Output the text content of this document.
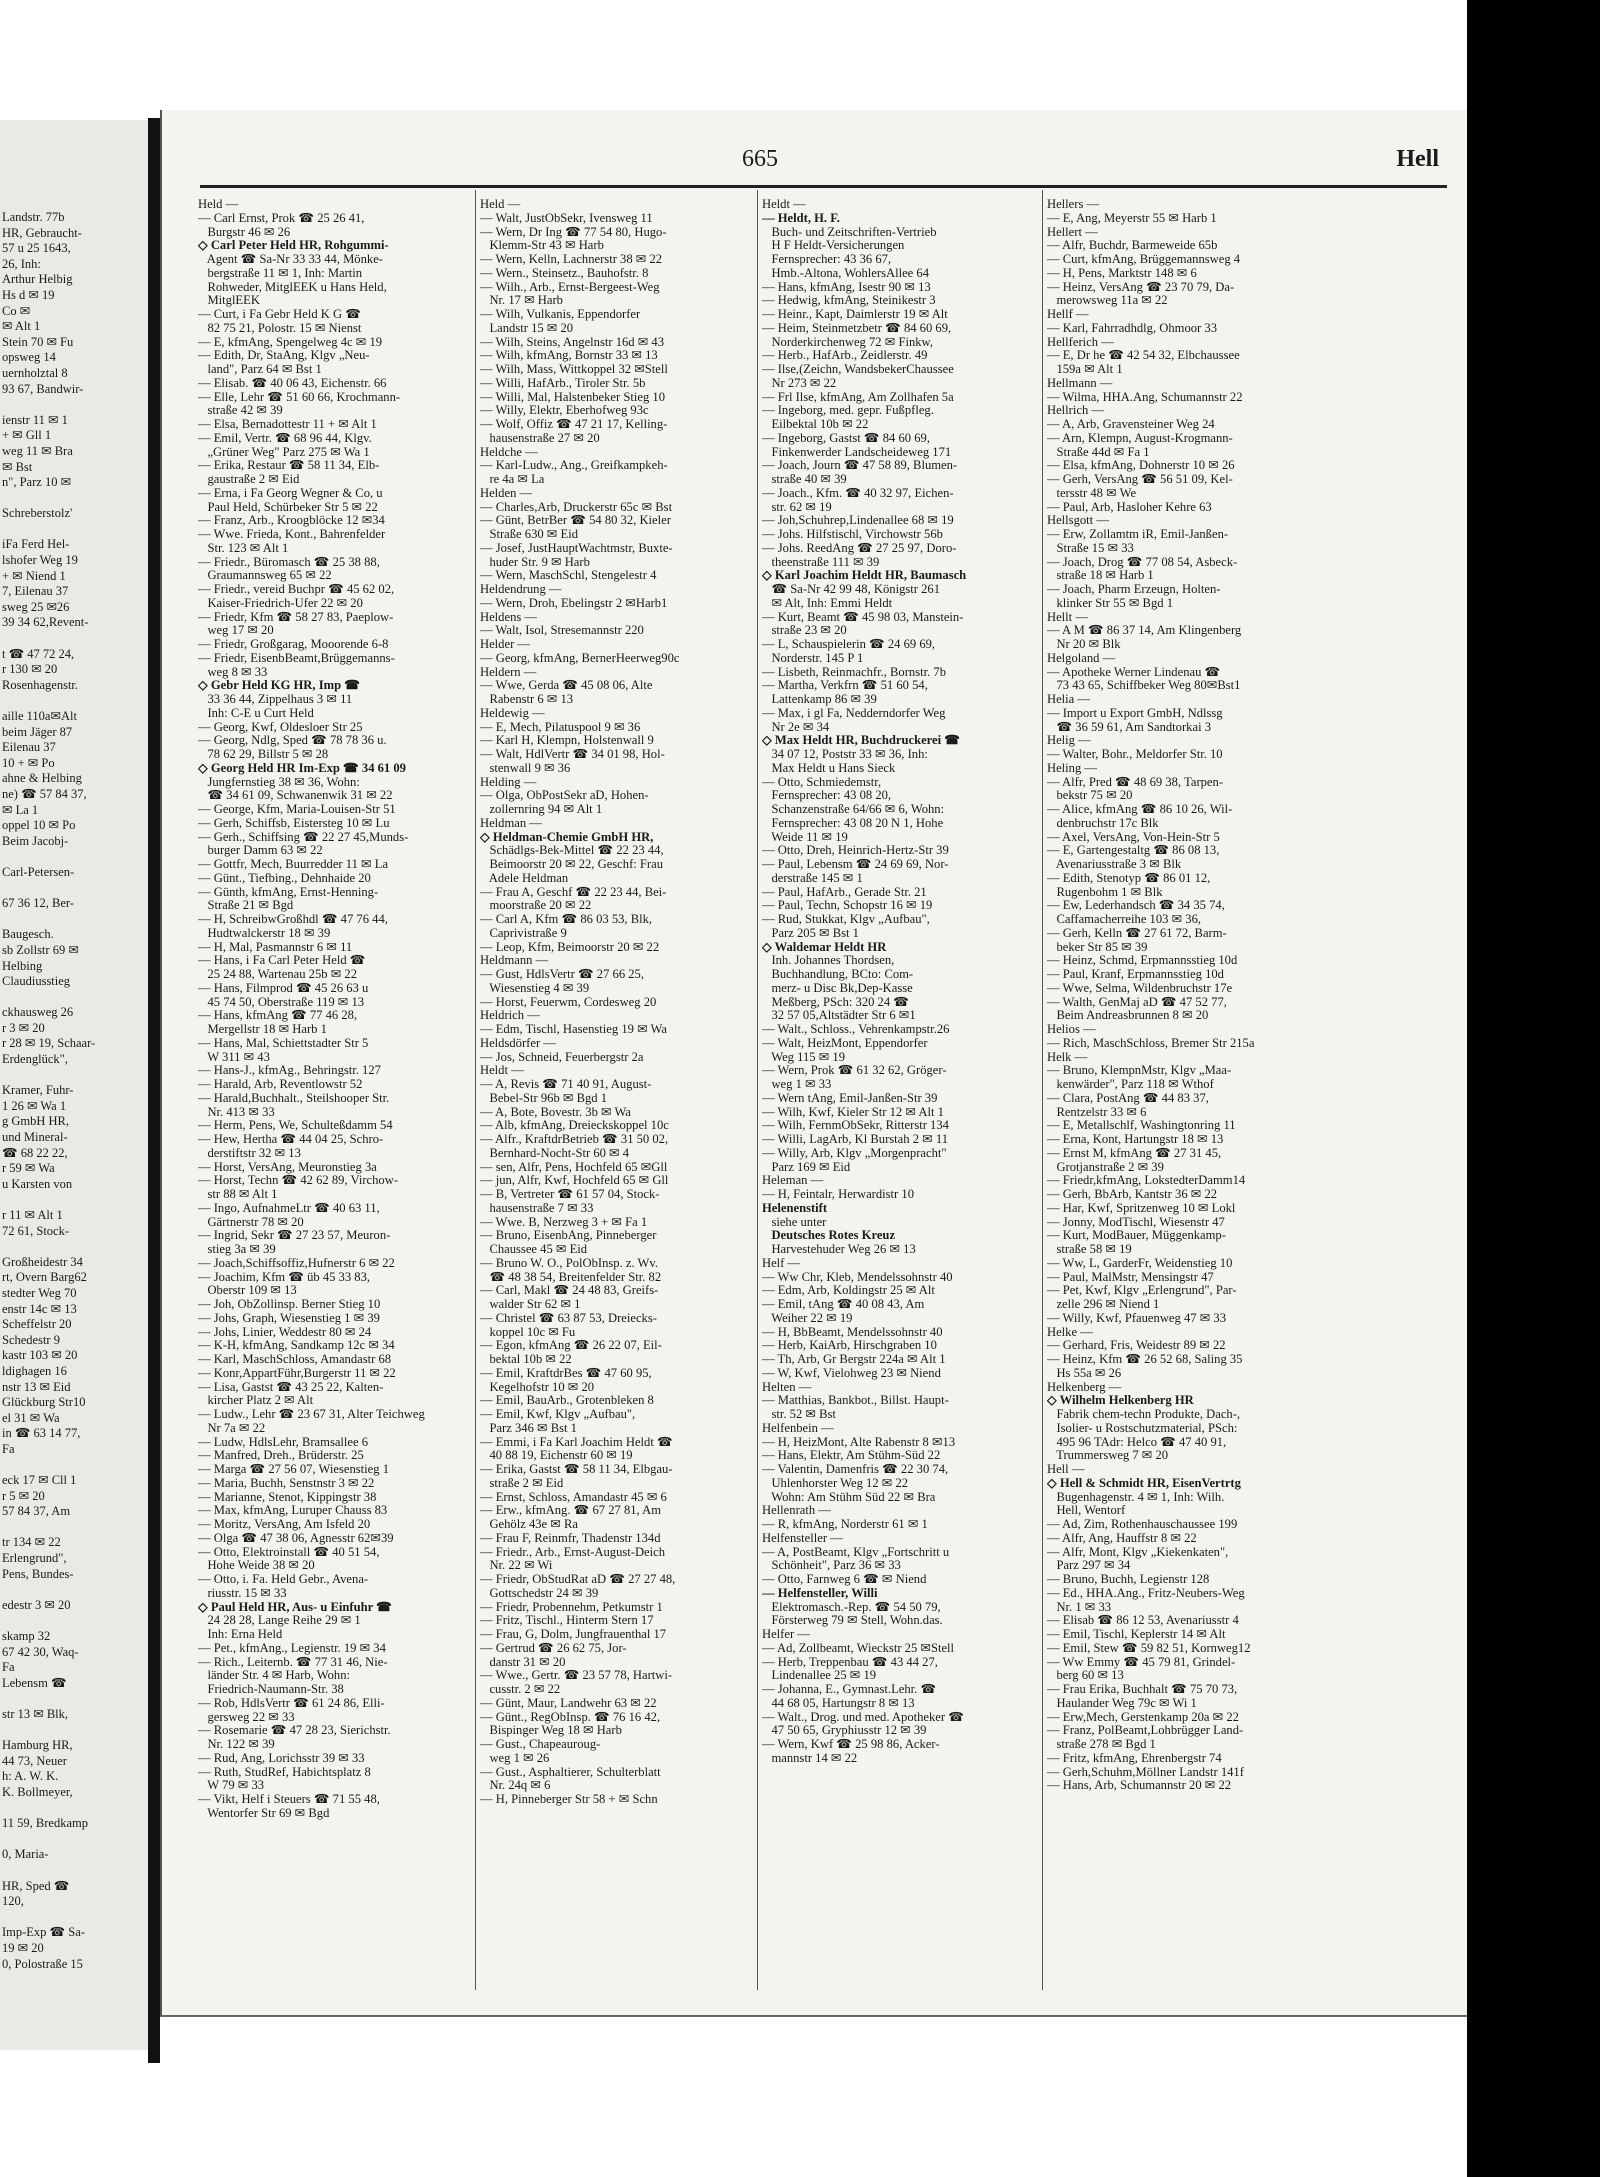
Landstr. 77b
HR, Gebraucht-
57 u 25 1643,
26, Inh:
Arthur Helbig
Hs d ✉ 19
Co ✉
✉ Alt 1
Stein 70 ✉ Fu
opsweg 14
uernholztal 8
93 67, Bandwir-
ienstr 11 ✉ 1
+ ✉ Gll 1
weg 11 ✉ Bra
✉ Bst
n", Parz 10 ✉
Schreberstolz'
iFa Ferd Hel-
lshofer Weg 19
+ ✉ Niend 1
7, Eilenau 37
sweg 25 ✉26
39 34 62,Revent-
t ☎ 47 72 24,
r 130 ✉ 20
Rosenhagenstr.
aille 110a✉Alt
beim Jäger 87
Eilenau 37
10 + ✉ Po
ahne & Helbing
ne) ☎ 57 84 37,
✉ La 1
oppel 10 ✉ Po
Beim Jacobj-
Carl-Petersen-
67 36 12, Ber-
Baugesch.
sb Zollstr 69 ✉
Helbing
Claudiusstieg
ckhausweg 26
r 3 ✉ 20
r 28 ✉ 19, Schaar-
Erdenglück",
Kramer, Fuhr-
1 26 ✉ Wa 1
g GmbH HR,
und Mineral-
☎ 68 22 22,
r 59 ✉ Wa
u Karsten von
r 11 ✉ Alt 1
72 61, Stock-
Großheidestr 34
rt, Overn Barg62
stedter Weg 70
enstr 14c ✉ 13
Scheffelstr 20
Schedestr 9
kastr 103 ✉ 20
ldighagen 16
nstr 13 ✉ Eid
Glückburg Str10
el 31 ✉ Wa
in ☎ 63 14 77,
Fa
eck 17 ✉ Cll 1
r 5 ✉ 20
57 84 37, Am
tr 134 ✉ 22
Erlengrund",
Pens, Bundes-
edestr 3 ✉ 20
skamp 32
67 42 30, Waq-
Fa
Lebensm ☎
str 13 ✉ Blk,
Hamburg HR,
44 73, Neuer
h: A. W. K.
K. Bollmeyer,
11 59, Bredkamp
0, Maria-
HR, Sped ☎
120,
Imp-Exp ☎ Sa-
19 ✉ 20
0, Polostraße 15
665	Hell
Held —
— Carl Ernst, Prok ☎ 25 26 41,
Burgstr 46 ✉ 26
◇ Carl Peter Held HR, Rohgummi-
Agent ☎ Sa-Nr 33 33 44, Mönke-
bergstraße 11 ✉ 1, Inh: Martin
Rohweder, MitglEEK u Hans Held,
MitglEEK
— Curt, i Fa Gebr Held K G ☎
82 75 21, Polostr. 15 ✉ Nienst
— E, kfmAng, Spengelweg 4c ✉ 19
— Edith, Dr, StaAng, Klgv „Neu-
land", Parz 64 ✉ Bst 1
— Elisab. ☎ 40 06 43, Eichenstr. 66
— Elle, Lehr ☎ 51 60 66, Krochmann-
straße 42 ✉ 39
— Elsa, Bernadottestr 11 + ✉ Alt 1
— Emil, Vertr. ☎ 68 96 44, Klgv.
„Grüner Weg" Parz 275 ✉ Wa 1
— Erika, Restaur ☎ 58 11 34, Elb-
gaustraße 2 ✉ Eid
— Erna, i Fa Georg Wegner & Co, u
Paul Held, Schürbeker Str 5 ✉ 22
— Franz, Arb., Kroogblöcke 12 ✉34
— Wwe. Frieda, Kont., Bahrenfelder
Str. 123 ✉ Alt 1
— Friedr., Büromasch ☎ 25 38 88,
Graumannsweg 65 ✉ 22
— Friedr., vereid Buchpr ☎ 45 62 02,
Kaiser-Friedrich-Ufer 22 ✉ 20
— Friedr, Kfm ☎ 58 27 83, Paeplow-
weg 17 ✉ 20
— Friedr, Großgarag, Mooorende 6-8
— Friedr, EisenbBeamt,Brüggemanns-
weg 8 ✉ 33
◇ Gebr Held KG HR, Imp ☎
33 36 44, Zippelhaus 3 ✉ 11
Inh: C-E u Curt Held
— Georg, Kwf, Oldesloer Str 25
— Georg, Ndlg, Sped ☎ 78 78 36 u.
78 62 29, Billstr 5 ✉ 28
◇ Georg Held HR Im-Exp ☎ 34 61 09
Jungfernstieg 38 ✉ 36, Wohn:
☎ 34 61 09, Schwanenwik 31 ✉ 22
— George, Kfm, Maria-Louisen-Str 51
— Gerh, Schiffsb, Eistersteg 10 ✉ Lu
— Gerh., Schiffsing ☎ 22 27 45,Munds-
burger Damm 63 ✉ 22
— Gottfr, Mech, Buurredder 11 ✉ La
— Günt., Tiefbing., Dehnhaide 20
— Günth, kfmAng, Ernst-Henning-
Straße 21 ✉ Bgd
— H, SchreibwGroßhdl ☎ 47 76 44,
Hudtwalckerstr 18 ✉ 39
— H, Mal, Pasmannstr 6 ✉ 11
— Hans, i Fa Carl Peter Held ☎
25 24 88, Wartenau 25b ✉ 22
— Hans, Filmprod ☎ 45 26 63 u
45 74 50, Oberstraße 119 ✉ 13
— Hans, kfmAng ☎ 77 46 28,
Mergellstr 18 ✉ Harb 1
— Hans, Mal, Schiettstadter Str 5
W 311 ✉ 43
— Hans-J., kfmAg., Behringstr. 127
— Harald, Arb, Reventlowstr 52
— Harald,Buchhalt., Steilshooper Str.
Nr. 413 ✉ 33
— Herm, Pens, We, Schulteßdamm 54
— Hew, Hertha ☎ 44 04 25, Schro-
derstiftstr 32 ✉ 13
— Horst, VersAng, Meuronstieg 3a
— Horst, Techn ☎ 42 62 89, Virchow-
str 88 ✉ Alt 1
— Ingo, AufnahmeLtr ☎ 40 63 11,
Gärtnerstr 78 ✉ 20
— Ingrid, Sekr ☎ 27 23 57, Meuron-
stieg 3a ✉ 39
— Joach,Schiffsoffiz,Hufnerstr 6 ✉ 22
— Joachim, Kfm ☎ üb 45 33 83,
Oberstr 109 ✉ 13
— Joh, ObZollinsp. Berner Stieg 10
— Johs, Graph, Wiesenstieg 1 ✉ 39
— Johs, Linier, Weddestr 80 ✉ 24
— K-H, kfmAng, Sandkamp 12c ✉ 34
— Karl, MaschSchloss, Amandastr 68
— Konr,AppartFühr,Burgerstr 11 ✉ 22
— Lisa, Gastst ☎ 43 25 22, Kalten-
kircher Platz 2 ✉ Alt
— Ludw., Lehr ☎ 23 67 31, Alter Teichweg
Nr 7a ✉ 22
— Ludw, HdlsLehr, Bramsallee 6
— Manfred, Dreh., Brüderstr. 25
— Marga ☎ 27 56 07, Wiesenstieg 1
— Maria, Buchh, Senstnstr 3 ✉ 22
— Marianne, Stenot, Kippingstr 38
— Max, kfmAng, Luruper Chauss 83
— Moritz, VersAng, Am Isfeld 20
— Olga ☎ 47 38 06, Agnesstr 62✉39
— Otto, Elektroinstall ☎ 40 51 54,
Hohe Weide 38 ✉ 20
— Otto, i. Fa. Held Gebr., Avena-
riusstr. 15 ✉ 33
◇ Paul Held HR, Aus- u Einfuhr ☎
24 28 28, Lange Reihe 29 ✉ 1
Inh: Erna Held
— Pet., kfmAng., Legienstr. 19 ✉ 34
— Rich., Leiternb. ☎ 77 31 46, Nie-
länder Str. 4 ✉ Harb, Wohn:
Friedrich-Naumann-Str. 38
— Rob, HdlsVertr ☎ 61 24 86, Elli-
gersweg 22 ✉ 33
— Rosemarie ☎ 47 28 23, Sierichstr.
Nr. 122 ✉ 39
— Rud, Ang, Lorichsstr 39 ✉ 33
— Ruth, StudRef, Habichtsplatz 8
W 79 ✉ 33
— Vikt, Helf i Steuers ☎ 71 55 48,
Wentorfer Str 69 ✉ Bgd
Held —
— Walt, JustObSekr, Ivensweg 11
— Wern, Dr Ing ☎ 77 54 80, Hugo-
Klemm-Str 43 ✉ Harb
— Wern, Kelln, Lachnerstr 38 ✉ 22
— Wern., Steinsetz., Bauhofstr. 8
— Wilh., Arb., Ernst-Bergeest-Weg
Nr. 17 ✉ Harb
— Wilh, Vulkanis, Eppendorfer
Landstr 15 ✉ 20
— Wilh, Steins, Angelnstr 16d ✉ 43
— Wilh, kfmAng, Bornstr 33 ✉ 13
— Wilh, Mass, Wittkoppel 32 ✉Stell
— Willi, HafArb., Tiroler Str. 5b
— Willi, Mal, Halstenbeker Stieg 10
— Willy, Elektr, Eberhofweg 93c
— Wolf, Offiz ☎ 47 21 17, Kelling-
hausenstraße 27 ✉ 20
Heldche —
— Karl-Ludw., Ang., Greifkampkeh-
re 4a ✉ La
Helden —
— Charles,Arb, Druckerstr 65c ✉ Bst
— Günt, BetrBer ☎ 54 80 32, Kieler
Straße 630 ✉ Eid
— Josef, JustHauptWachtmstr, Buxte-
huder Str. 9 ✉ Harb
— Wern, MaschSchl, Stengelestr 4
Heldendrung —
— Wern, Droh, Ebelingstr 2 ✉Harb1
Heldens —
— Walt, Isol, Stresemannstr 220
Helder —
— Georg, kfmAng, BernerHeerweg90c
Heldern —
— Wwe, Gerda ☎ 45 08 06, Alte
Rabenstr 6 ✉ 13
Heldewig —
— E, Mech, Pilatuspool 9 ✉ 36
— Karl H, Klempn, Holstenwall 9
— Walt, HdlVertr ☎ 34 01 98, Hol-
stenwall 9 ✉ 36
Helding —
— Olga, ObPostSekr aD, Hohen-
zollernring 94 ✉ Alt 1
Heldman —
◇ Heldman-Chemie GmbH HR,
Schädlgs-Bek-Mittel ☎ 22 23 44,
Beimoorstr 20 ✉ 22, Geschf: Frau
Adele Heldman
— Frau A, Geschf ☎ 22 23 44, Bei-
moorstraße 20 ✉ 22
— Carl A, Kfm ☎ 86 03 53, Blk,
Caprivistraße 9
— Leop, Kfm, Beimoorstr 20 ✉ 22
Heldmann —
— Gust, HdlsVertr ☎ 27 66 25,
Wiesenstieg 4 ✉ 39
— Horst, Feuerwm, Cordesweg 20
Heldrich —
— Edm, Tischl, Hasenstieg 19 ✉ Wa
Heldsdörfer —
— Jos, Schneid, Feuerbergstr 2a
Heldt —
— A, Revis ☎ 71 40 91, August-
Bebel-Str 96b ✉ Bgd 1
— A, Bote, Bovestr. 3b ✉ Wa
— Alb, kfmAng, Dreieckskoppel 10c
— Alfr., KraftdrBetrieb ☎ 31 50 02,
Bernhard-Nocht-Str 60 ✉ 4
— sen, Alfr, Pens, Hochfeld 65 ✉Gll
— jun, Alfr, Kwf, Hochfeld 65 ✉ Gll
— B, Vertreter ☎ 61 57 04, Stock-
hausenstraße 7 ✉ 33
— Wwe. B, Nerzweg 3 + ✉ Fa 1
— Bruno, EisenbAng, Pinneberger
Chaussee 45 ✉ Eid
— Bruno W. O., PolObInsp. z. Wv.
☎ 48 38 54, Breitenfelder Str. 82
— Carl, Makl ☎ 24 48 83, Greifs-
walder Str 62 ✉ 1
— Christel ☎ 63 87 53, Dreiecks-
koppel 10c ✉ Fu
— Egon, kfmAng ☎ 26 22 07, Eil-
bektal 10b ✉ 22
— Emil, KraftdrBes ☎ 47 60 95,
Kegelhofstr 10 ✉ 20
— Emil, BauArb., Grotenbleken 8
— Emil, Kwf, Klgv „Aufbau",
Parz 346 ✉ Bst 1
— Emmi, i Fa Karl Joachim Heldt ☎
40 88 19, Eichenstr 60 ✉ 19
— Erika, Gastst ☎ 58 11 34, Elbgau-
straße 2 ✉ Eid
— Ernst, Schloss, Amandastr 45 ✉ 6
— Erw., kfmAng. ☎ 67 27 81, Am
Gehölz 43e ✉ Ra
— Frau F, Reinmfr, Thadenstr 134d
— Friedr., Arb., Ernst-August-Deich
Nr. 22 ✉ Wi
— Friedr, ObStudRat aD ☎ 27 27 48,
Gottschedstr 24 ✉ 39
— Friedr, Probennehm, Petkumstr 1
— Fritz, Tischl., Hinterm Stern 17
— Frau, G, Dolm, Jungfrauenthal 17
— Gertrud ☎ 26 62 75, Jor-
danstr 31 ✉ 20
— Wwe., Gertr. ☎ 23 57 78, Hartwi-
cusstr. 2 ✉ 22
— Günt, Maur, Landwehr 63 ✉ 22
— Günt., RegObInsp. ☎ 76 16 42,
Bispinger Weg 18 ✉ Harb
— Gust., Chapeauroug-
weg 1 ✉ 26
— Gust., Asphaltierer, Schulterblatt
Nr. 24q ✉ 6
— H, Pinneberger Str 58 + ✉ Schn
Heldt —
— Heldt, H. F.
Buch- und Zeitschriften-Vertrieb
H F Heldt-Versicherungen
Fernsprecher: 43 36 67,
Hmb.-Altona, WohlersAllee 64
— Hans, kfmAng, Isestr 90 ✉ 13
— Hedwig, kfmAng, Steinikestr 3
— Heinr., Kapt, Daimlerstr 19 ✉ Alt
— Heim, Steinmetzbetr ☎ 84 60 69,
Norderkirchenweg 72 ✉ Finkw,
— Herb., HafArb., Zeidlerstr. 49
— Ilse,(Zeichn, WandsbekerChaussee
Nr 273 ✉ 22
— Frl Ilse, kfmAng, Am Zollhafen 5a
— Ingeborg, med. gepr. Fußpfleg.
Eilbektal 10b ✉ 22
— Ingeborg, Gastst ☎ 84 60 69,
Finkenwerder Landscheideweg 171
— Joach, Journ ☎ 47 58 89, Blumen-
straße 40 ✉ 39
— Joach., Kfm. ☎ 40 32 97, Eichen-
str. 62 ✉ 19
— Joh,Schuhrep,Lindenallee 68 ✉ 19
— Johs. Hilfstischl, Virchowstr 56b
— Johs. ReedAng ☎ 27 25 97, Doro-
theenstraße 111 ✉ 39
◇ Karl Joachim Heldt HR, Baumasch
☎ Sa-Nr 42 99 48, Königstr 261
✉ Alt, Inh: Emmi Heldt
— Kurt, Beamt ☎ 45 98 03, Manstein-
straße 23 ✉ 20
— L, Schauspielerin ☎ 24 69 69,
Norderstr. 145 P 1
— Lisbeth, Reinmachfr., Bornstr. 7b
— Martha, Verkfrn ☎ 51 60 54,
Lattenkamp 86 ✉ 39
— Max, i gl Fa, Nedderndorfer Weg
Nr 2e ✉ 34
◇ Max Heldt HR, Buchdruckerei ☎
34 07 12, Poststr 33 ✉ 36, Inh:
Max Heldt u Hans Sieck
— Otto, Schmiedemstr,
Fernsprecher: 43 08 20,
Schanzenstraße 64/66 ✉ 6, Wohn:
Fernsprecher: 43 08 20 N 1, Hohe
Weide 11 ✉ 19
— Otto, Dreh, Heinrich-Hertz-Str 39
— Paul, Lebensm ☎ 24 69 69, Nor-
derstraße 145 ✉ 1
— Paul, HafArb., Gerade Str. 21
— Paul, Techn, Schopstr 16 ✉ 19
— Rud, Stukkat, Klgv „Aufbau",
Parz 205 ✉ Bst 1
◇ Waldemar Heldt HR
Inh. Johannes Thordsen,
Buchhandlung, BCto: Com-
merz- u Disc Bk,Dep-Kasse
Meßberg, PSch: 320 24 ☎
32 57 05,Altstädter Str 6 ✉1
— Walt., Schloss., Vehrenkampstr.26
— Walt, HeizMont, Eppendorfer
Weg 115 ✉ 19
— Wern, Prok ☎ 61 32 62, Gröger-
weg 1 ✉ 33
— Wern tAng, Emil-Janßen-Str 39
— Wilh, Kwf, Kieler Str 12 ✉ Alt 1
— Wilh, FernmObSekr, Ritterstr 134
— Willi, LagArb, Kl Burstah 2 ✉ 11
— Willy, Arb, Klgv „Morgenpracht"
Parz 169 ✉ Eid
Heleman —
— H, Feintalr, Herwardistr 10
Helenenstift
siehe unter
Deutsches Rotes Kreuz
Harvestehuder Weg 26 ✉ 13
Helf —
— Ww Chr, Kleb, Mendelssohnstr 40
— Edm, Arb, Koldingstr 25 ✉ Alt
— Emil, tAng ☎ 40 08 43, Am
Weiher 22 ✉ 19
— H, BbBeamt, Mendelssohnstr 40
— Herb, KaiArb, Hirschgraben 10
— Th, Arb, Gr Bergstr 224a ✉ Alt 1
— W, Kwf, Vielohweg 23 ✉ Niend
Helten —
— Matthias, Bankbot., Billst. Haupt-
str. 52 ✉ Bst
Helfenbein —
— H, HeizMont, Alte Rabenstr 8 ✉13
— Hans, Elektr, Am Stühm-Süd 22
— Valentin, Damenfris ☎ 22 30 74,
Uhlenhorster Weg 12 ✉ 22
Wohn: Am Stühm Süd 22 ✉ Bra
Hellenrath —
— R, kfmAng, Norderstr 61 ✉ 1
Helfensteller —
— A, PostBeamt, Klgv „Fortschritt u
Schönheit", Parz 36 ✉ 33
— Otto, Farnweg 6 ☎ ✉ Niend
— Helfensteller, Willi
Elektromasch.-Rep. ☎ 54 50 79,
Försterweg 79 ✉ Stell, Wohn.das.
Helfer —
— Ad, Zollbeamt, Wieckstr 25 ✉Stell
— Herb, Treppenbau ☎ 43 44 27,
Lindenallee 25 ✉ 19
— Johanna, E., Gymnast.Lehr. ☎
44 68 05, Hartungstr 8 ✉ 13
— Walt., Drog. und med. Apotheker ☎
47 50 65, Gryphiusstr 12 ✉ 39
— Wern, Kwf ☎ 25 98 86, Acker-
mannstr 14 ✉ 22
Hellers —
— E, Ang, Meyerstr 55 ✉ Harb 1
Hellert —
— Alfr, Buchdr, Barmeweide 65b
— Curt, kfmAng, Brüggemannsweg 4
— H, Pens, Marktstr 148 ✉ 6
— Heinz, VersAng ☎ 23 70 79, Da-
merowsweg 11a ✉ 22
Hellf —
— Karl, Fahrradhdlg, Ohmoor 33
Hellferich —
— E, Dr he ☎ 42 54 32, Elbchaussee
159a ✉ Alt 1
Hellmann —
— Wilma, HHA.Ang, Schumannstr 22
Hellrich —
— A, Arb, Gravensteiner Weg 24
— Arn, Klempn, August-Krogmann-
Straße 44d ✉ Fa 1
— Elsa, kfmAng, Dohnerstr 10 ✉ 26
— Gerh, VersAng ☎ 56 51 09, Kel-
tersstr 48 ✉ We
— Paul, Arb, Hasloher Kehre 63
Hellsgott —
— Erw, Zollamtm iR, Emil-Janßen-
Straße 15 ✉ 33
— Joach, Drog ☎ 77 08 54, Asbeck-
straße 18 ✉ Harb 1
— Joach, Pharm Erzeugn, Holten-
klinker Str 55 ✉ Bgd 1
Hellt —
— A M ☎ 86 37 14, Am Klingenberg
Nr 20 ✉ Blk
Helgoland —
— Apotheke Werner Lindenau ☎
73 43 65, Schiffbeker Weg 80✉Bst1
Helia —
— Import u Export GmbH, Ndlssg
☎ 36 59 61, Am Sandtorkai 3
Helig —
— Walter, Bohr., Meldorfer Str. 10
Heling —
— Alfr, Pred ☎ 48 69 38, Tarpen-
bekstr 75 ✉ 20
— Alice, kfmAng ☎ 86 10 26, Wil-
denbruchstr 17c Blk
— Axel, VersAng, Von-Hein-Str 5
— E, Gartengestaltg ☎ 86 08 13,
Avenariusstraße 3 ✉ Blk
— Edith, Stenotyp ☎ 86 01 12,
Rugenbohm 1 ✉ Blk
— Ew, Lederhandsch ☎ 34 35 74,
Caffamacherreihe 103 ✉ 36,
— Gerh, Kelln ☎ 27 61 72, Barm-
beker Str 85 ✉ 39
— Heinz, Schmd, Erpmannsstieg 10d
— Paul, Kranf, Erpmannsstieg 10d
— Wwe, Selma, Wildenbruchstr 17e
— Walth, GenMaj aD ☎ 47 52 77,
Beim Andreasbrunnen 8 ✉ 20
Helios —
— Rich, MaschSchloss, Bremer Str 215a
Helk —
— Bruno, KlempnMstr, Klgv „Maa-
kenwärder", Parz 118 ✉ Wthof
— Clara, PostAng ☎ 44 83 37,
Rentzelstr 33 ✉ 6
— E, Metallschlf, Washingtonring 11
— Erna, Kont, Hartungstr 18 ✉ 13
— Ernst M, kfmAng ☎ 27 31 45,
Grotjanstraße 2 ✉ 39
— Friedr,kfmAng, LokstedterDamm14
— Gerh, BbArb, Kantstr 36 ✉ 22
— Har, Kwf, Spritzenweg 10 ✉ Lokl
— Jonny, ModTischl, Wiesenstr 47
— Kurt, ModBauer, Müggenkamp-
straße 58 ✉ 19
— Ww, L, GarderFr, Weidenstieg 10
— Paul, MalMstr, Mensingstr 47
— Pet, Kwf, Klgv „Erlengrund", Par-
zelle 296 ✉ Niend 1
— Willy, Kwf, Pfauenweg 47 ✉ 33
Helke —
— Gerhard, Fris, Weidestr 89 ✉ 22
— Heinz, Kfm ☎ 26 52 68, Saling 35
Hs 55a ✉ 26
Helkenberg —
◇ Wilhelm Helkenberg HR
Fabrik chem-techn Produkte, Dach-,
Isolier- u Rostschutzmaterial, PSch:
495 96 TAdr: Helco ☎ 47 40 91,
Trummersweg 7 ✉ 20
Hell —
◇ Hell & Schmidt HR, EisenVertrtg
Bugenhagenstr. 4 ✉ 1, Inh: Wilh.
Hell, Wentorf
— Ad, Zim, Rothenhauschaussee 199
— Alfr, Ang, Hauffstr 8 ✉ 22
— Alfr, Mont, Klgv „Kiekenkaten",
Parz 297 ✉ 34
— Bruno, Buchh, Legienstr 128
— Ed., HHA.Ang., Fritz-Neubers-Weg
Nr. 1 ✉ 33
— Elisab ☎ 86 12 53, Avenariusstr 4
— Emil, Tischl, Keplerstr 14 ✉ Alt
— Emil, Stew ☎ 59 82 51, Kornweg12
— Ww Emmy ☎ 45 79 81, Grindel-
berg 60 ✉ 13
— Frau Erika, Buchhalt ☎ 75 70 73,
Haulander Weg 79c ✉ Wi 1
— Erw,Mech, Gerstenkamp 20a ✉ 22
— Franz, PolBeamt,Lohbrügger Land-
straße 278 ✉ Bgd 1
— Fritz, kfmAng, Ehrenbergstr 74
— Gerh,Schuhm,Möllner Landstr 141f
— Hans, Arb, Schumannstr 20 ✉ 22
